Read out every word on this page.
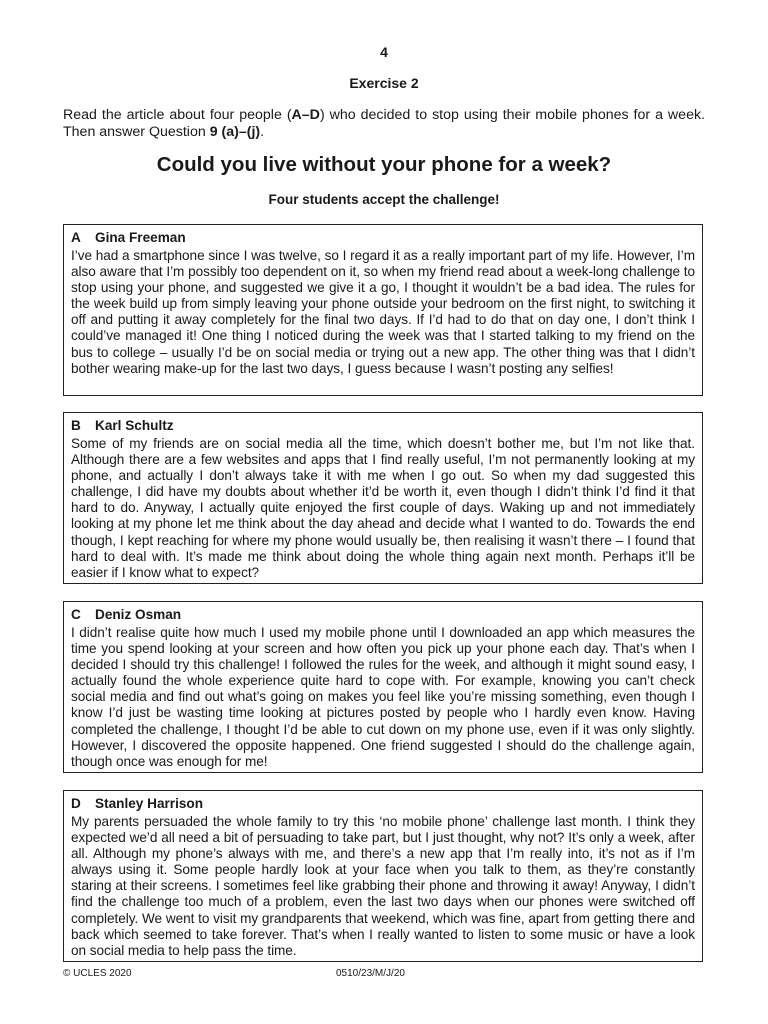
4
Exercise 2
Read the article about four people (A–D) who decided to stop using their mobile phones for a week. Then answer Question 9 (a)–(j).
Could you live without your phone for a week?
Four students accept the challenge!
A Gina Freeman
I’ve had a smartphone since I was twelve, so I regard it as a really important part of my life. However, I’m also aware that I’m possibly too dependent on it, so when my friend read about a week-long challenge to stop using your phone, and suggested we give it a go, I thought it wouldn’t be a bad idea. The rules for the week build up from simply leaving your phone outside your bedroom on the first night, to switching it off and putting it away completely for the final two days. If I’d had to do that on day one, I don’t think I could’ve managed it! One thing I noticed during the week was that I started talking to my friend on the bus to college – usually I’d be on social media or trying out a new app. The other thing was that I didn’t bother wearing make-up for the last two days, I guess because I wasn’t posting any selfies!
B Karl Schultz
Some of my friends are on social media all the time, which doesn’t bother me, but I’m not like that. Although there are a few websites and apps that I find really useful, I’m not permanently looking at my phone, and actually I don’t always take it with me when I go out. So when my dad suggested this challenge, I did have my doubts about whether it’d be worth it, even though I didn’t think I’d find it that hard to do. Anyway, I actually quite enjoyed the first couple of days. Waking up and not immediately looking at my phone let me think about the day ahead and decide what I wanted to do. Towards the end though, I kept reaching for where my phone would usually be, then realising it wasn’t there – I found that hard to deal with. It’s made me think about doing the whole thing again next month. Perhaps it’ll be easier if I know what to expect?
C Deniz Osman
I didn’t realise quite how much I used my mobile phone until I downloaded an app which measures the time you spend looking at your screen and how often you pick up your phone each day. That’s when I decided I should try this challenge! I followed the rules for the week, and although it might sound easy, I actually found the whole experience quite hard to cope with. For example, knowing you can’t check social media and find out what’s going on makes you feel like you’re missing something, even though I know I’d just be wasting time looking at pictures posted by people who I hardly even know. Having completed the challenge, I thought I’d be able to cut down on my phone use, even if it was only slightly. However, I discovered the opposite happened. One friend suggested I should do the challenge again, though once was enough for me!
D Stanley Harrison
My parents persuaded the whole family to try this ‘no mobile phone’ challenge last month. I think they expected we’d all need a bit of persuading to take part, but I just thought, why not? It’s only a week, after all. Although my phone’s always with me, and there’s a new app that I’m really into, it’s not as if I’m always using it. Some people hardly look at your face when you talk to them, as they’re constantly staring at their screens. I sometimes feel like grabbing their phone and throwing it away! Anyway, I didn’t find the challenge too much of a problem, even the last two days when our phones were switched off completely. We went to visit my grandparents that weekend, which was fine, apart from getting there and back which seemed to take forever. That’s when I really wanted to listen to some music or have a look on social media to help pass the time.
© UCLES 2020	0510/23/M/J/20
